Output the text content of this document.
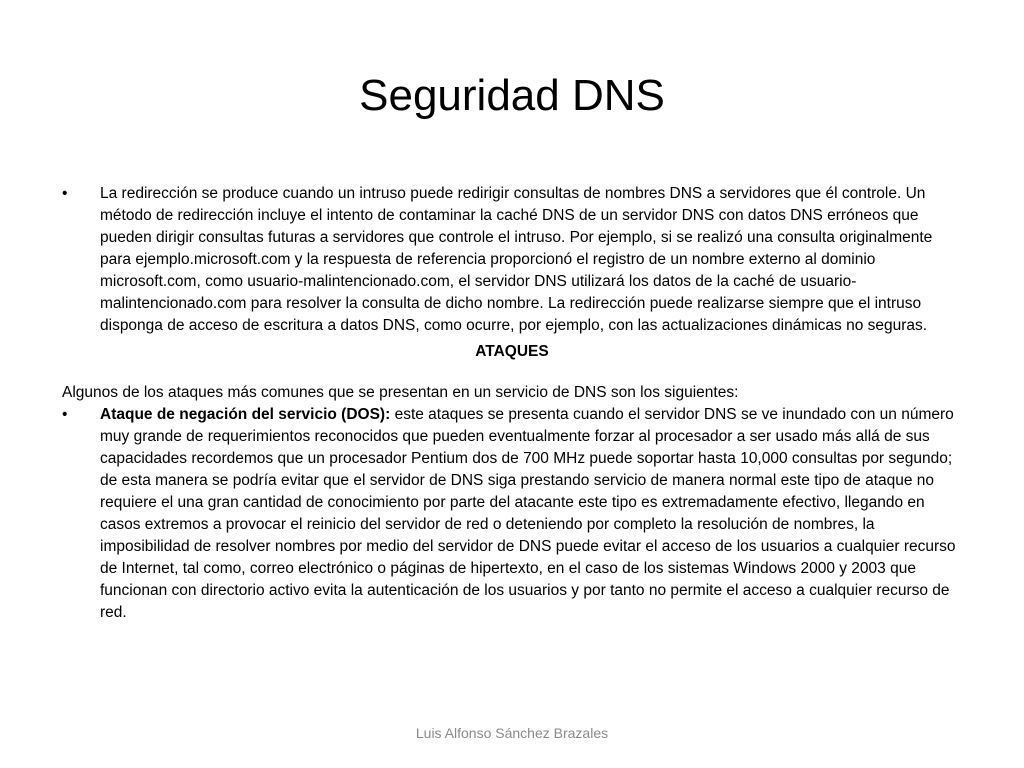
Seguridad DNS
•	La redirección se produce cuando un intruso puede redirigir consultas de nombres DNS a servidores que él controle. Un método de redirección incluye el intento de contaminar la caché DNS de un servidor DNS con datos DNS erróneos que pueden dirigir consultas futuras a servidores que controle el intruso. Por ejemplo, si se realizó una consulta originalmente para ejemplo.microsoft.com y la respuesta de referencia proporcionó el registro de un nombre externo al dominio microsoft.com, como usuario-malintencionado.com, el servidor DNS utilizará los datos de la caché de usuario-malintencionado.com para resolver la consulta de dicho nombre. La redirección puede realizarse siempre que el intruso disponga de acceso de escritura a datos DNS, como ocurre, por ejemplo, con las actualizaciones dinámicas no seguras.
ATAQUES
Algunos de los ataques más comunes que se presentan en un servicio de DNS son los siguientes:
•	Ataque de negación del servicio (DOS): este ataques se presenta cuando el servidor DNS se ve inundado con un número muy grande de requerimientos reconocidos que pueden eventualmente forzar al procesador a ser usado más allá de sus capacidades recordemos que un procesador Pentium dos de 700 MHz puede soportar hasta 10,000 consultas por segundo; de esta manera se podría evitar que el servidor de DNS siga prestando servicio de manera normal este tipo de ataque no requiere el una gran cantidad de conocimiento por parte del atacante este tipo es extremadamente efectivo, llegando en casos extremos a provocar el reinicio del servidor de red o deteniendo por completo la resolución de nombres, la imposibilidad de resolver nombres por medio del servidor de DNS puede evitar el acceso de los usuarios a cualquier recurso de Internet, tal como, correo electrónico o páginas de hipertexto, en el caso de los sistemas Windows 2000 y 2003 que funcionan con directorio activo evita la autenticación de los usuarios y por tanto no permite el acceso a cualquier recurso de red.
Luis Alfonso Sánchez Brazales
